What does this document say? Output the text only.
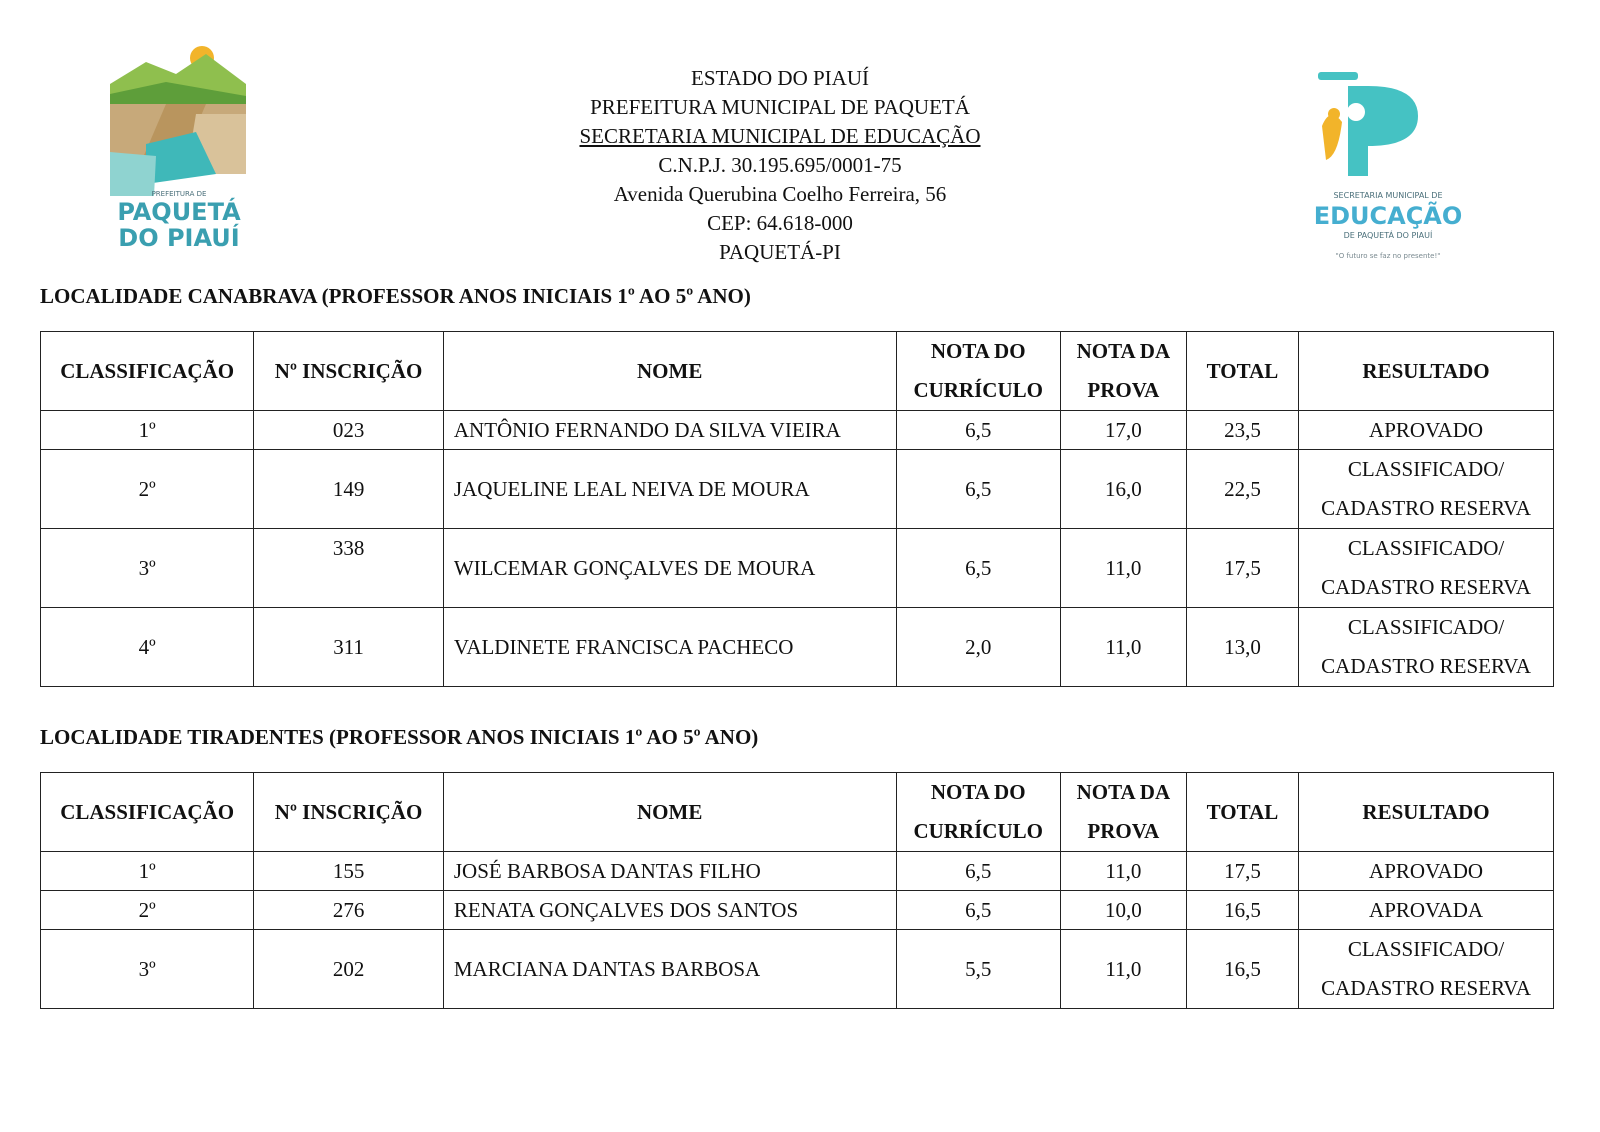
PREFEITURA DE
PAQUETÁ
DO PIAUÍ
SECRETARIA MUNICIPAL DE
EDUCAÇÃO
DE PAQUETÁ DO PIAUÍ
"O futuro se faz no presente!"
ESTADO DO PIAUÍ
PREFEITURA MUNICIPAL DE PAQUETÁ
SECRETARIA MUNICIPAL DE EDUCAÇÃO
C.N.P.J. 30.195.695/0001-75
Avenida Querubina Coelho Ferreira, 56
CEP: 64.618-000
PAQUETÁ-PI
LOCALIDADE CANABRAVA (PROFESSOR ANOS INICIAIS 1º AO 5º ANO)
CLASSIFICAÇÃO	Nº INSCRIÇÃO	NOME	NOTA DO
CURRÍCULO	NOTA DA
PROVA	TOTAL	RESULTADO
1º	023	ANTÔNIO FERNANDO DA SILVA VIEIRA	6,5	17,0	23,5	APROVADO
2º	149	JAQUELINE LEAL NEIVA DE MOURA	6,5	16,0	22,5	CLASSIFICADO/
CADASTRO RESERVA
3º	338	WILCEMAR GONÇALVES DE MOURA	6,5	11,0	17,5	CLASSIFICADO/
CADASTRO RESERVA
4º	311	VALDINETE FRANCISCA PACHECO	2,0	11,0	13,0	CLASSIFICADO/
CADASTRO RESERVA
LOCALIDADE TIRADENTES (PROFESSOR ANOS INICIAIS 1º AO 5º ANO)
CLASSIFICAÇÃO	Nº INSCRIÇÃO	NOME	NOTA DO
CURRÍCULO	NOTA DA
PROVA	TOTAL	RESULTADO
1º	155	JOSÉ BARBOSA DANTAS FILHO	6,5	11,0	17,5	APROVADO
2º	276	RENATA GONÇALVES DOS SANTOS	6,5	10,0	16,5	APROVADA
3º	202	MARCIANA DANTAS BARBOSA	5,5	11,0	16,5	CLASSIFICADO/
CADASTRO RESERVA
